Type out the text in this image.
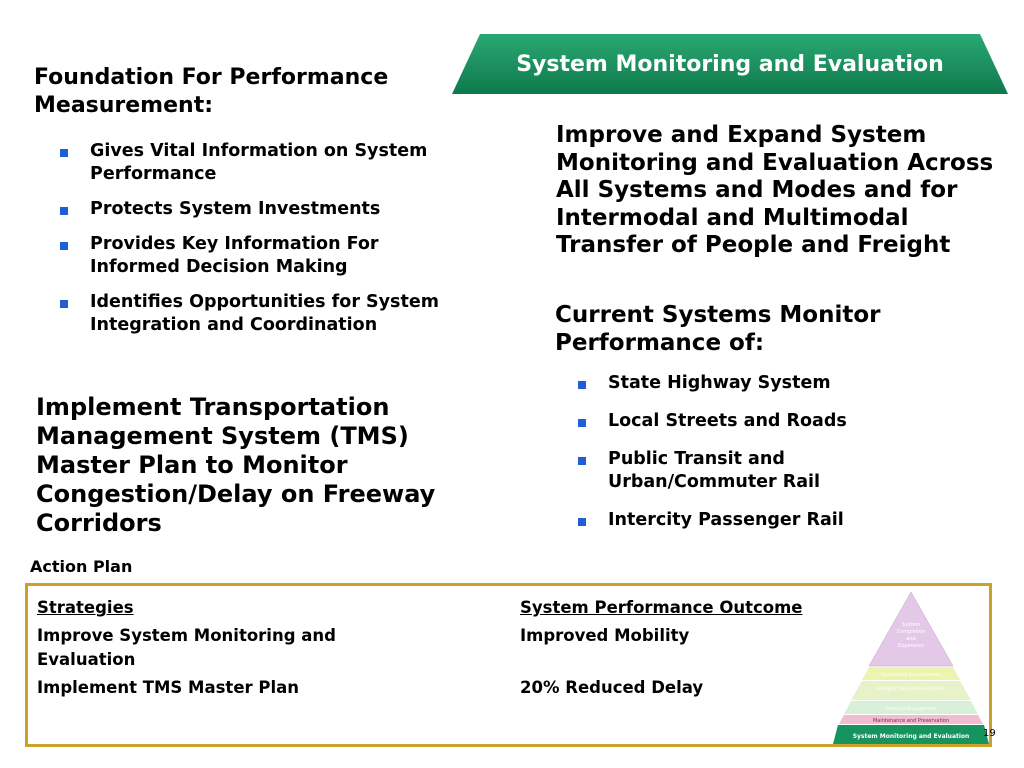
System Monitoring and Evaluation
Foundation For Performance Measurement:
Gives Vital Information on System Performance
Protects System Investments
Provides Key Information For Informed Decision Making
Identifies Opportunities for System Integration and Coordination
Implement Transportation Management System (TMS) Master Plan to Monitor Congestion/Delay on Freeway Corridors
Improve and Expand System Monitoring and Evaluation Across All Systems and Modes and for Intermodal and Multimodal Transfer of People and Freight
Current Systems Monitor Performance of:
State Highway System
Local Streets and Roads
Public Transit and Urban/Commuter Rail
Intercity Passenger Rail
Action Plan
Strategies
Improve System Monitoring and Evaluation
Implement TMS Master Plan
System Performance Outcome
Improved Mobility
20% Reduced Delay
System
Completion
and
Expansion
Operational Improvements
Intelligent Transportation Systems
Demand Management
Maintenance and Preservation
System Monitoring and Evaluation 19
